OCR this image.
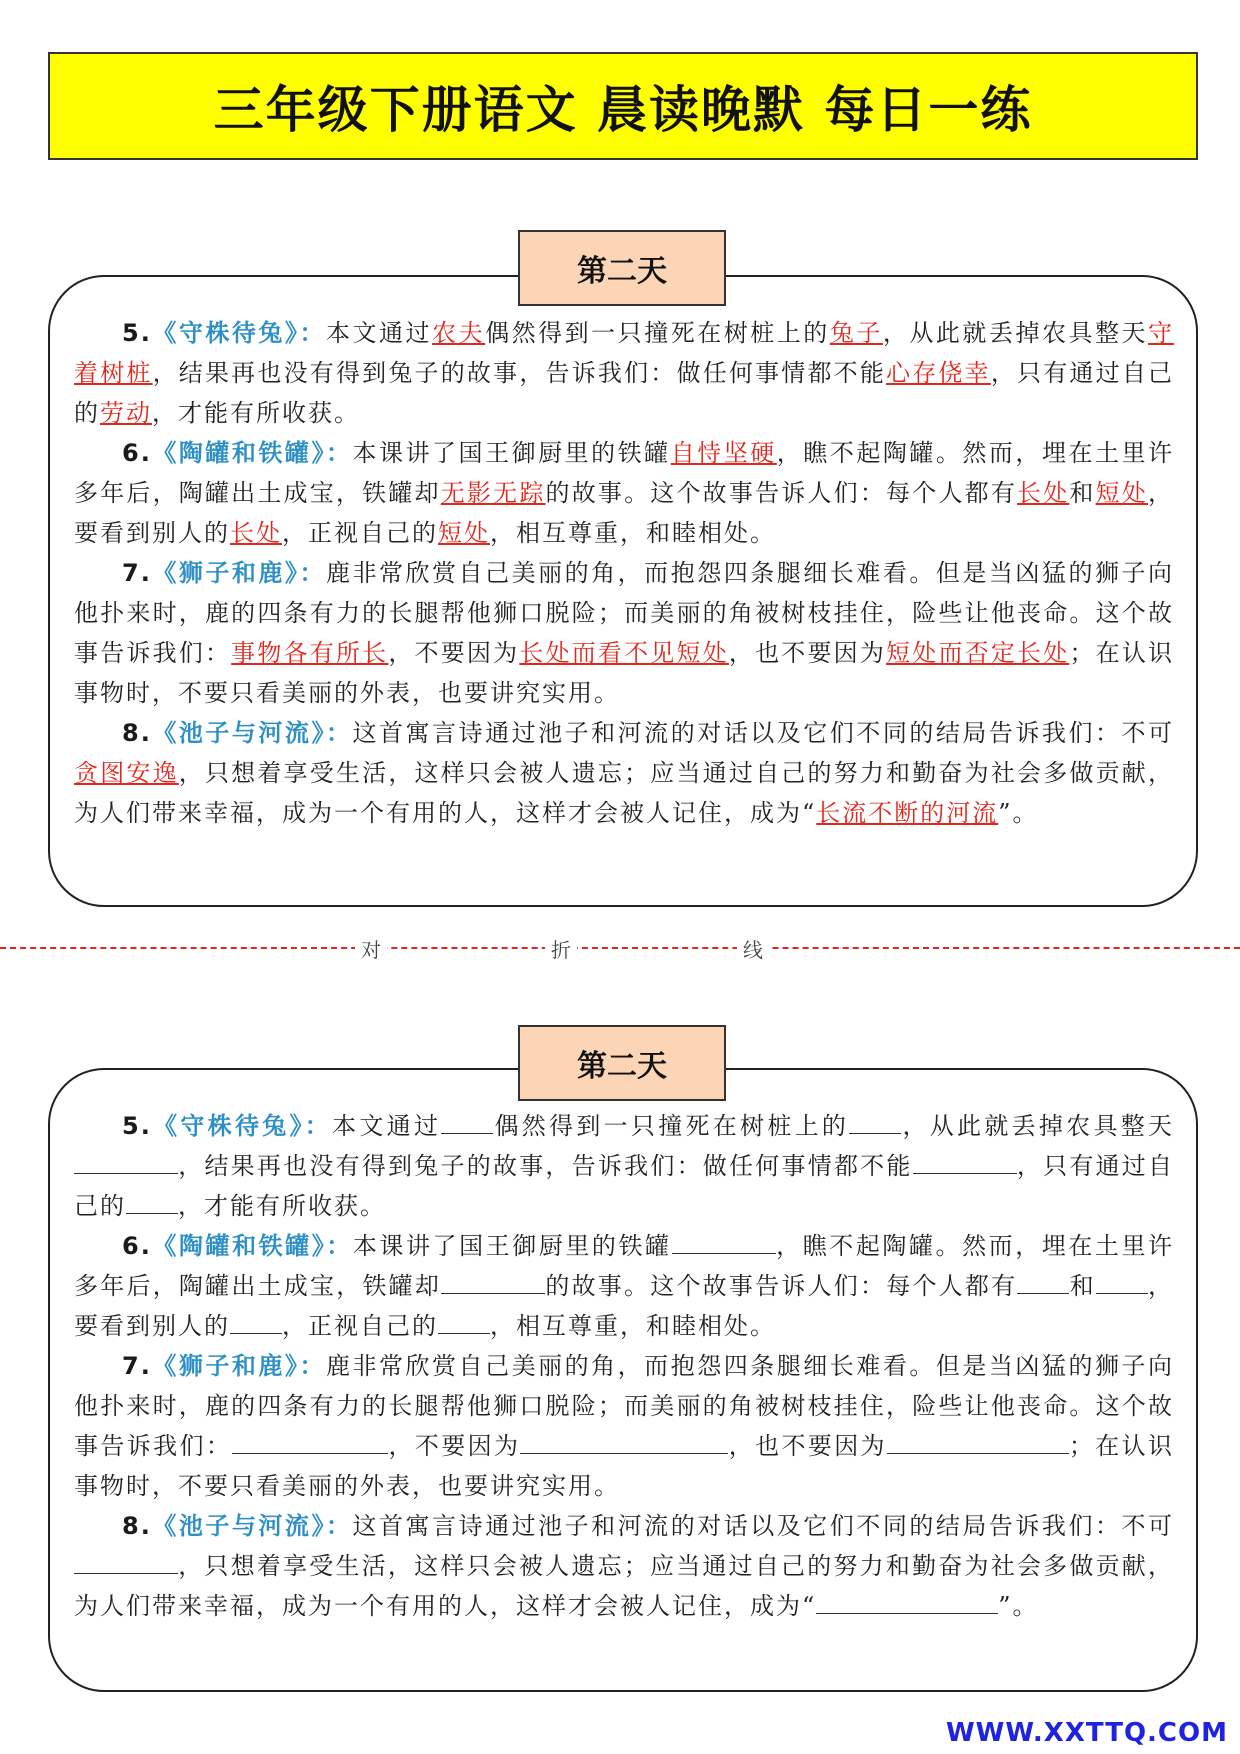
三年级下册语文 晨读晚默 每日一练
第二天

5.《守株待兔》：本文通过农夫偶然得到一只撞死在树桩上的兔子，从此就丢掉农具整天守着树桩，结果再也没有得到兔子的故事，告诉我们：做任何事情都不能心存侥幸，只有通过自己的劳动，才能有所收获。

6.《陶罐和铁罐》：本课讲了国王御厨里的铁罐自恃坚硬，瞧不起陶罐。然而，埋在土里许多年后，陶罐出土成宝，铁罐却无影无踪的故事。这个故事告诉人们：每个人都有长处和短处，要看到别人的长处，正视自己的短处，相互尊重，和睦相处。

7.《狮子和鹿》：鹿非常欣赏自己美丽的角，而抱怨四条腿细长难看。但是当凶猛的狮子向他扑来时，鹿的四条有力的长腿帮他狮口脱险；而美丽的角被树枝挂住，险些让他丧命。这个故事告诉我们：事物各有所长，不要因为长处而看不见短处，也不要因为短处而否定长处；在认识事物时，不要只看美丽的外表，也要讲究实用。

8.《池子与河流》：这首寓言诗通过池子和河流的对话以及它们不同的结局告诉我们：不可贪图安逸，只想着享受生活，这样只会被人遗忘；应当通过自己的努力和勤奋为社会多做贡献，为人们带来幸福，成为一个有用的人，这样才会被人记住，成为“长流不断的河流”。

对	折	线
第二天

5.《守株待兔》：本文通过 偶然得到一只撞死在树桩上的 ，从此就丢掉农具整天，结果再也没有得到兔子的故事，告诉我们：做任何事情都不能	，只有通过自己的 ，才能有所收获。

6.《陶罐和铁罐》：本课讲了国王御厨里的铁罐	，瞧不起陶罐。然而，埋在土里许多年后，陶罐出土成宝，铁罐却	的故事。这个故事告诉人们：每个人都有 和 ，要看到别人的 ，正视自己的 ，相互尊重，和睦相处。

7.《狮子和鹿》：鹿非常欣赏自己美丽的角，而抱怨四条腿细长难看。但是当凶猛的狮子向他扑来时，鹿的四条有力的长腿帮他狮口脱险；而美丽的角被树枝挂住，险些让他丧命。这个故事告诉我们：	，不要因为	，也不要因为	；在认识事物时，不要只看美丽的外表，也要讲究实用。

8.《池子与河流》：这首寓言诗通过池子和河流的对话以及它们不同的结局告诉我们：不可，只想着享受生活，这样只会被人遗忘；应当通过自己的努力和勤奋为社会多做贡献，为人们带来幸福，成为一个有用的人，这样才会被人记住，成为“	”。

WWW.XXTTQ.COM
